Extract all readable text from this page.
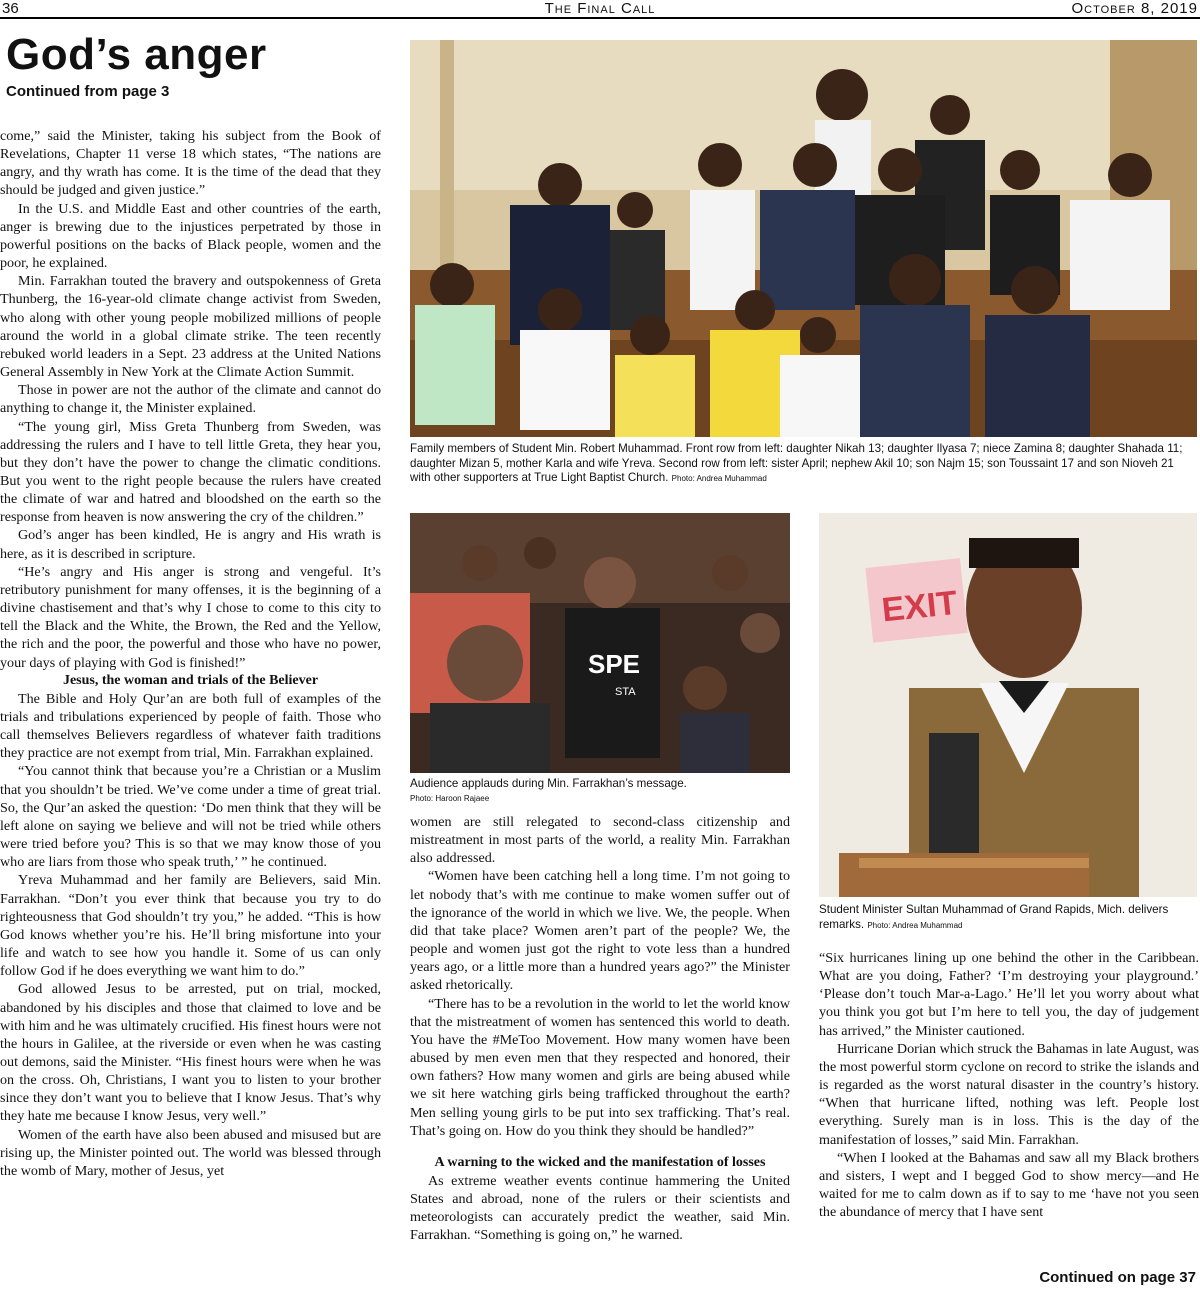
36	The Final Call	October 8, 2019
God’s anger
Continued from page 3

come,” said the Minister, taking his subject from the Book of Revelations, Chapter 11 verse 18 which states, “The nations are angry, and thy wrath has come. It is the time of the dead that they should be judged and given justice.”

In the U.S. and Middle East and other countries of the earth, anger is brewing due to the injustices perpetrated by those in powerful positions on the backs of Black people, women and the poor, he explained.

Min. Farrakhan touted the bravery and outspokenness of Greta Thunberg, the 16-year-old climate change activist from Sweden, who along with other young people mobilized millions of people around the world in a global climate strike. The teen recently rebuked world leaders in a Sept. 23 address at the United Nations General Assembly in New York at the Climate Action Summit.

Those in power are not the author of the climate and cannot do anything to change it, the Minister explained.

“The young girl, Miss Greta Thunberg from Sweden, was addressing the rulers and I have to tell little Greta, they hear you, but they don’t have the power to change the climatic conditions. But you went to the right people because the rulers have created the climate of war and hatred and bloodshed on the earth so the response from heaven is now answering the cry of the children.”

God’s anger has been kindled, He is angry and His wrath is here, as it is described in scripture.

“He’s angry and His anger is strong and vengeful. It’s retributory punishment for many offenses, it is the beginning of a divine chastisement and that’s why I chose to come to this city to tell the Black and the White, the Brown, the Red and the Yellow, the rich and the poor, the powerful and those who have no power, your days of playing with God is finished!”

Jesus, the woman and trials of the Believer

The Bible and Holy Qur’an are both full of examples of the trials and tribulations experienced by people of faith. Those who call themselves Believers regardless of whatever faith traditions they practice are not exempt from trial, Min. Farrakhan explained.

“You cannot think that because you’re a Christian or a Muslim that you shouldn’t be tried. We’ve come under a time of great trial. So, the Qur’an asked the question: ‘Do men think that they will be left alone on saying we believe and will not be tried while others were tried before you? This is so that we may know those of you who are liars from those who speak truth,’ ” he continued.

Yreva Muhammad and her family are Believers, said Min. Farrakhan. “Don’t you ever think that because you try to do righteousness that God shouldn’t try you,” he added. “This is how God knows whether you’re his. He’ll bring misfortune into your life and watch to see how you handle it. Some of us can only follow God if he does everything we want him to do.”

God allowed Jesus to be arrested, put on trial, mocked, abandoned by his disciples and those that claimed to love and be with him and he was ultimately crucified. His finest hours were not the hours in Galilee, at the riverside or even when he was casting out demons, said the Minister. “His finest hours were when he was on the cross. Oh, Christians, I want you to listen to your brother since they don’t want you to believe that I know Jesus. That’s why they hate me because I know Jesus, very well.”

Women of the earth have also been abused and misused but are rising up, the Minister pointed out. The world was blessed through the womb of Mary, mother of Jesus, yet

Family members of Student Min. Robert Muhammad. Front row from left: daughter Nikah 13; daughter Ilyasa 7; niece Zamina 8; daughter Shahada 11; daughter Mizan 5, mother Karla and wife Yreva. Second row from left: sister April; nephew Akil 10; son Najm 15; son Toussaint 17 and son Nioveh 21 with other supporters at True Light Baptist Church. Photo: Andrea Muhammad
SPE
STA
Audience applauds during Min. Farrakhan’s message.
Photo: Haroon Rajaee

women are still relegated to second-class citizenship and mistreatment in most parts of the world, a reality Min. Farrakhan also addressed.

“Women have been catching hell a long time. I’m not going to let nobody that’s with me continue to make women suffer out of the ignorance of the world in which we live. We, the people. When did that take place? Women aren’t part of the people? We, the people and women just got the right to vote less than a hundred years ago, or a little more than a hundred years ago?” the Minister asked rhetorically.

“There has to be a revolution in the world to let the world know that the mistreatment of women has sentenced this world to death. You have the #MeToo Movement. How many women have been abused by men even men that they respected and honored, their own fathers? How many women and girls are being abused while we sit here watching girls being trafficked throughout the earth? Men selling young girls to be put into sex trafficking. That’s real. That’s going on. How do you think they should be handled?”

A warning to the wicked and the manifestation of losses

As extreme weather events continue hammering the United States and abroad, none of the rulers or their scientists and meteorologists can accurately predict the weather, said Min. Farrakhan. “Something is going on,” he warned.

EXIT
Student Minister Sultan Muhammad of Grand Rapids, Mich. delivers remarks. Photo: Andrea Muhammad

“Six hurricanes lining up one behind the other in the Caribbean. What are you doing, Father? ‘I’m destroying your playground.’ ‘Please don’t touch Mar-a-Lago.’ He’ll let you worry about what you think you got but I’m here to tell you, the day of judgement has arrived,” the Minister cautioned.

Hurricane Dorian which struck the Bahamas in late August, was the most powerful storm cyclone on record to strike the islands and is regarded as the worst natural disaster in the country’s history. “When that hurricane lifted, nothing was left. People lost everything. Surely man is in loss. This is the day of the manifestation of losses,” said Min. Farrakhan.

“When I looked at the Bahamas and saw all my Black brothers and sisters, I wept and I begged God to show mercy—and He waited for me to calm down as if to say to me ‘have not you seen the abundance of mercy that I have sent

Continued on page 37
